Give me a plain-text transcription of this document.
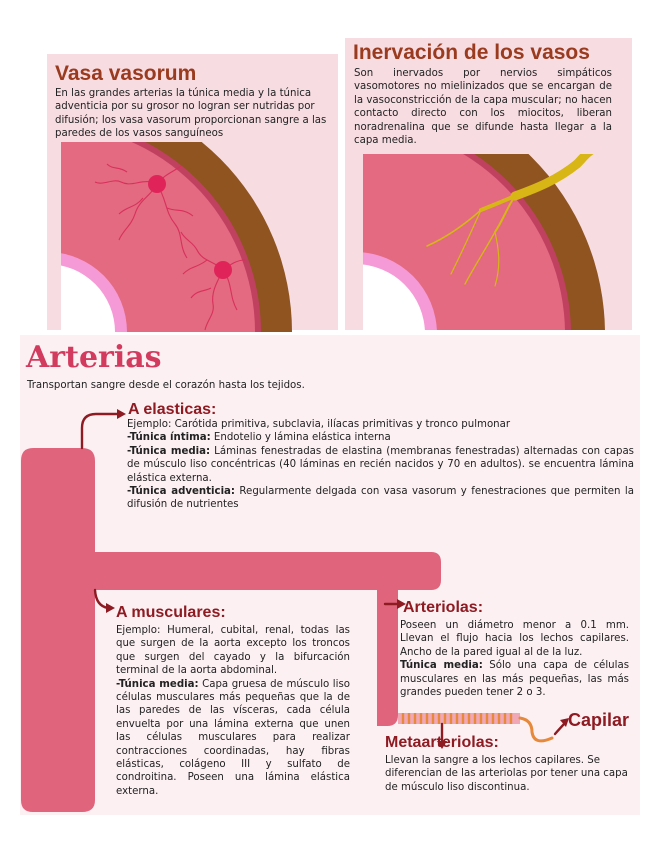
Vasa vasorum
En las grandes arterias la túnica media y la túnica adventicia por su grosor no logran ser nutridas por difusión; los vasa vasorum proporcionan sangre a las paredes de los vasos sanguíneos
Inervación de los vasos
Son inervados por nervios simpáticos vasomotores no mielinizados que se encargan de la vasoconstricción de la capa muscular; no hacen contacto directo con los miocitos, liberan noradrenalina que se difunde hasta llegar a la capa media.
Arterias
Transportan sangre desde el corazón hasta los tejidos.
A elasticas:
Ejemplo: Carótida primitiva, subclavia, ilíacas primitivas y tronco pulmonar
-Túnica íntima: Endotelio y lámina elástica interna
-Túnica media: Láminas fenestradas de elastina (membranas fenestradas) alternadas con capas de músculo liso concéntricas (40 láminas en recién nacidos y 70 en adultos). se encuentra lámina elástica externa.
-Túnica adventicia: Regularmente delgada con vasa vasorum y fenestraciones que permiten la difusión de nutrientes
A musculares:
Ejemplo: Humeral, cubital, renal, todas las que surgen de la aorta excepto los troncos que surgen del cayado y la bifurcación terminal de la aorta abdominal.
-Túnica media: Capa gruesa de músculo liso células musculares más pequeñas que la de las paredes de las vísceras, cada célula envuelta por una lámina externa que unen las células musculares para realizar contracciones coordinadas, hay fibras elásticas, colágeno III y sulfato de condroitina. Poseen una lámina elástica externa.
Arteriolas:
Poseen un diámetro menor a 0.1 mm. Llevan el flujo hacia los lechos capilares. Ancho de la pared igual al de la luz.
Túnica media: Sólo una capa de células musculares en las más pequeñas, las más grandes pueden tener 2 o 3.
Capilar
Metaarteriolas:
Llevan la sangre a los lechos capilares. Se diferencian de las arteriolas por tener una capa de músculo liso discontinua.
